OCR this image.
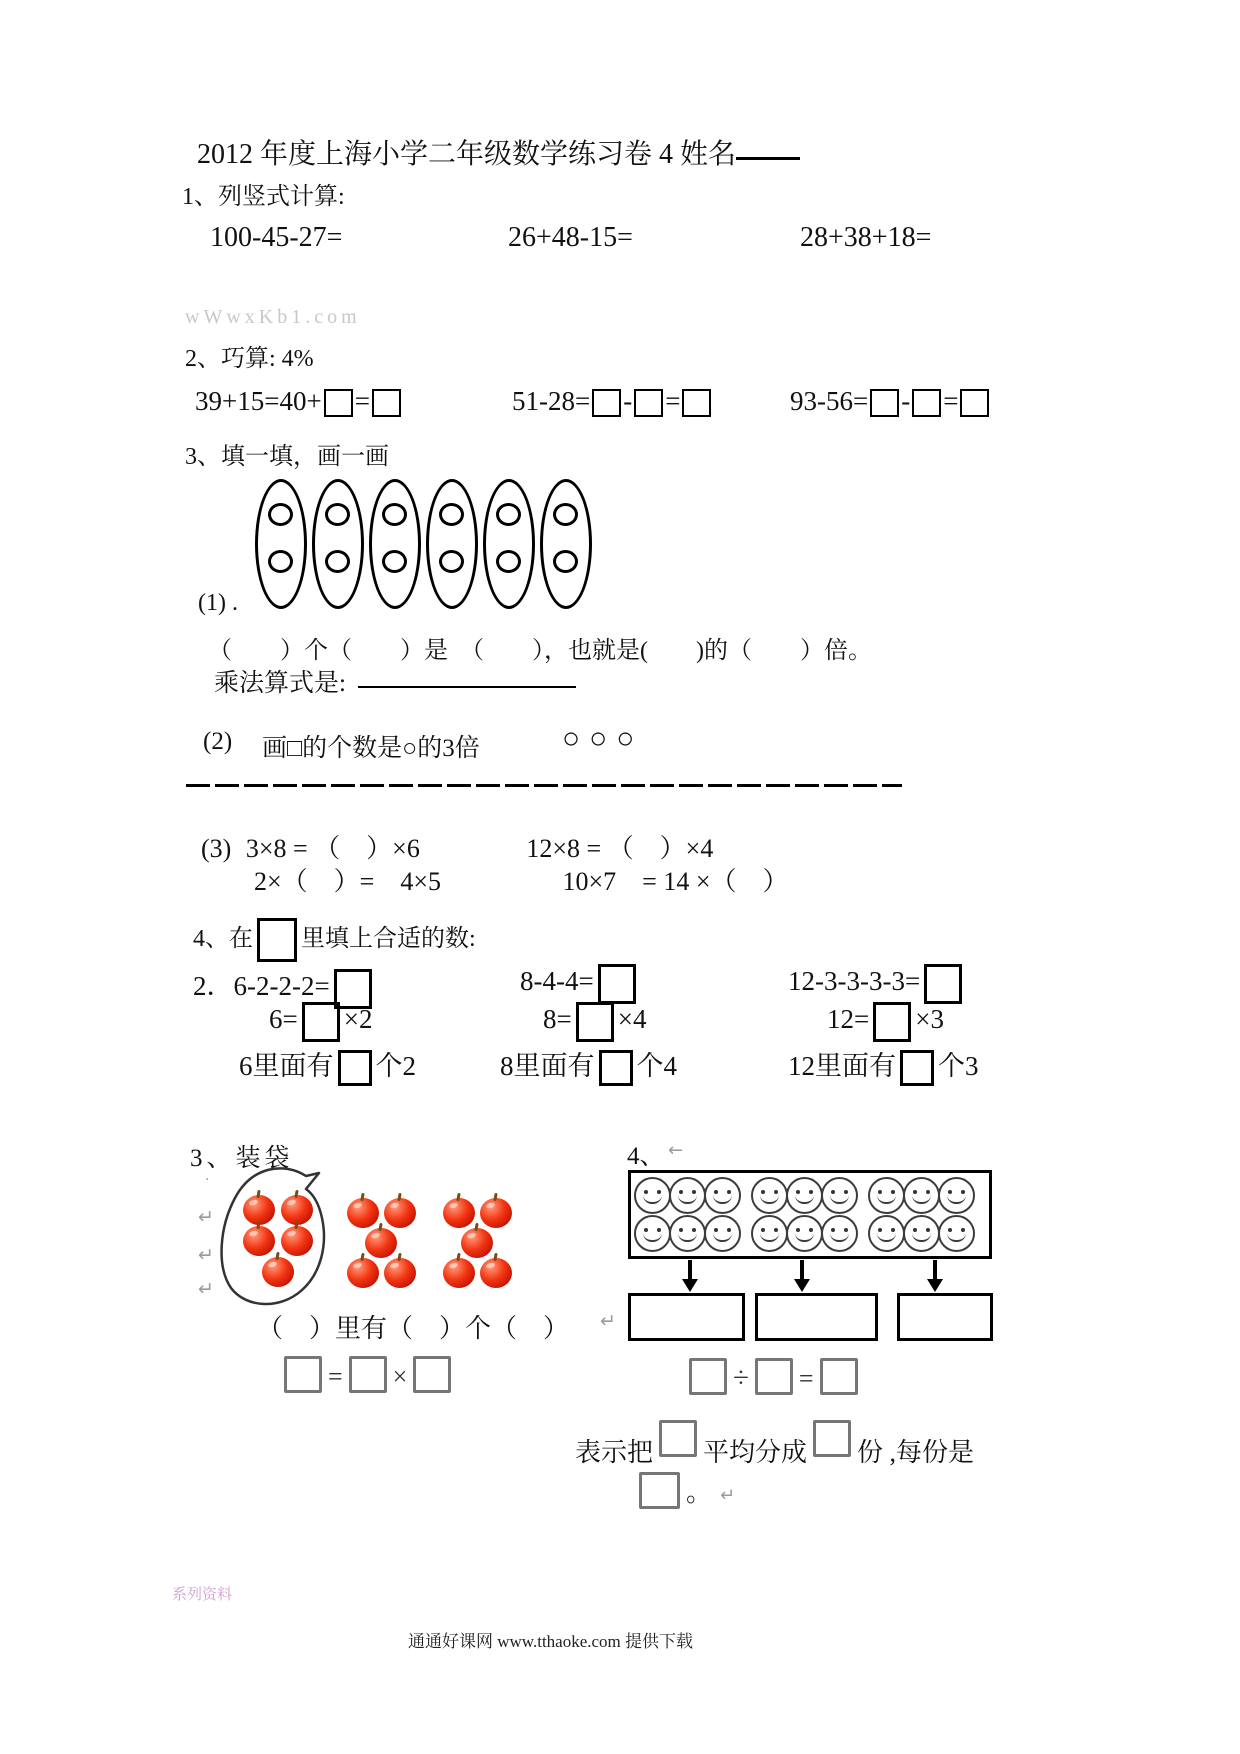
2012 年度上海小学二年级数学练习卷 4 姓名
1、列竖式计算:
100-45-27=	26+48-15=	28+38+18=
wWwxKb1.com
2、巧算: 4%
39+15=40+ =	51-28= - =	93-56= - =
3、填一填，画一画
(1) .
（　　）个（　　）是　（　　），也就是(　　)的（　　）倍。
乘法算式是:
(2) 画□的个数是○的3倍	○○○
(3) 3×8 = （　）×6	12×8 = （　）×4
2×（　）=　4×5	10×7　= 14 ×（　）
4、在 里填上合适的数:
2．6-2-2-2=	8-4-4=	12-3-3-3-3=
6= ×2	8= ×4	12= ×3
6里面有 个2	8里面有 个4	12里面有 个3
3、装袋
·
↵
↵
↵
（　）里有（　）个（　） ↵
= ×
4、 ←
÷ =
表示把 平均分成 份 ,每份是
。 ↵
系列资料
通通好课网 www.tthaoke.com 提供下载
